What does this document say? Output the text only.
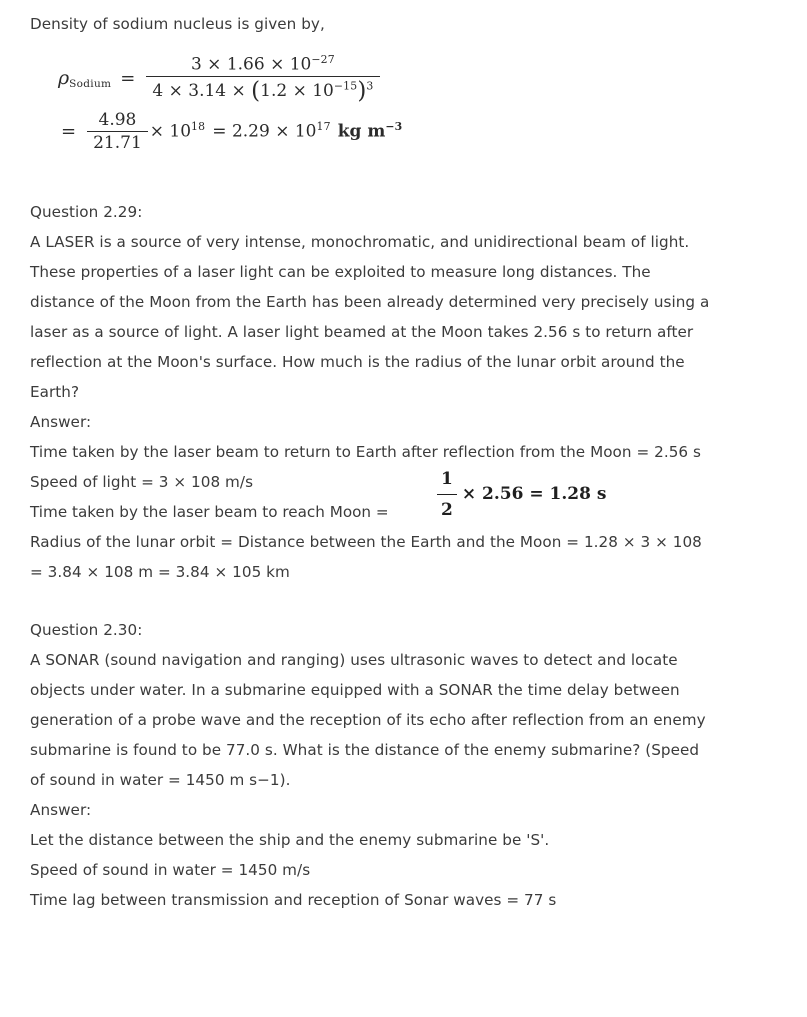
Density of sodium nucleus is given by,
ρSodium = $\frac{3 \times 1.66 \times 10^{-27}}{4 \times 3.14 \times (1.2 \times 10^{-15})^3}$
= $\frac{4.98}{21.71} \times 10^{18} = 2.29 \times 10^{17}$ kg $m^{-3}$
Question 2.29:
A LASER is a source of very intense, monochromatic, and unidirectional beam of light.
These properties of a laser light can be exploited to measure long distances. The
distance of the Moon from the Earth has been already determined very precisely using a
laser as a source of light. A laser light beamed at the Moon takes 2.56 s to return after
reflection at the Moon's surface. How much is the radius of the lunar orbit around the
Earth?
Answer:
Time taken by the laser beam to return to Earth after reflection from the Moon = 2.56 s
Speed of light = 3 × 108 m/s
Time taken by the laser beam to reach Moon =	$\frac{1}{2} \times 2.56 = 1.28$ s
Radius of the lunar orbit = Distance between the Earth and the Moon = 1.28 × 3 × 108
= 3.84 × 108 m = 3.84 × 105 km
Question 2.30:
A SONAR (sound navigation and ranging) uses ultrasonic waves to detect and locate
objects under water. In a submarine equipped with a SONAR the time delay between
generation of a probe wave and the reception of its echo after reflection from an enemy
submarine is found to be 77.0 s. What is the distance of the enemy submarine? (Speed
of sound in water = 1450 m s−1).
Answer:
Let the distance between the ship and the enemy submarine be 'S'.
Speed of sound in water = 1450 m/s
Time lag between transmission and reception of Sonar waves = 77 s
